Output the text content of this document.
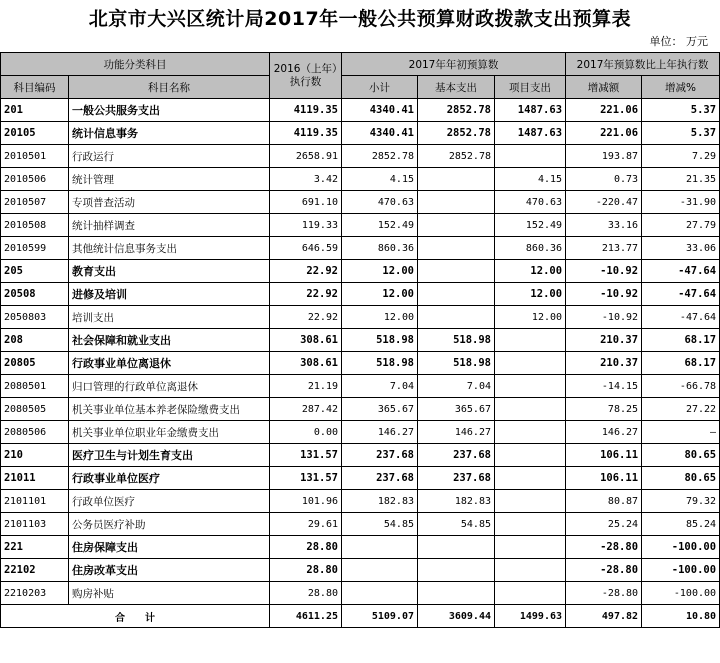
北京市大兴区统计局2017年一般公共预算财政拨款支出预算表
单位： 万元
功能分类科目		2016（上年）执行数	2017年年初预算数			2017年预算数比上年执行数	
科目编码	科目名称		小计	基本支出	项目支出	增减额	增减%
201	一般公共服务支出	4119.35	4340.41	2852.78	1487.63	221.06	5.37
20105	统计信息事务	4119.35	4340.41	2852.78	1487.63	221.06	5.37
2010501	行政运行	2658.91	2852.78	2852.78		193.87	7.29
2010506	统计管理	3.42	4.15		4.15	0.73	21.35
2010507	专项普查活动	691.10	470.63		470.63	-220.47	-31.90
2010508	统计抽样调查	119.33	152.49		152.49	33.16	27.79
2010599	其他统计信息事务支出	646.59	860.36		860.36	213.77	33.06
205	教育支出	22.92	12.00		12.00	-10.92	-47.64
20508	进修及培训	22.92	12.00		12.00	-10.92	-47.64
2050803	培训支出	22.92	12.00		12.00	-10.92	-47.64
208	社会保障和就业支出	308.61	518.98	518.98		210.37	68.17
20805	行政事业单位离退休	308.61	518.98	518.98		210.37	68.17
2080501	归口管理的行政单位离退休	21.19	7.04	7.04		-14.15	-66.78
2080505	机关事业单位基本养老保险缴费支出	287.42	365.67	365.67		78.25	27.22
2080506	机关事业单位职业年金缴费支出	0.00	146.27	146.27		146.27	—
210	医疗卫生与计划生育支出	131.57	237.68	237.68		106.11	80.65
21011	行政事业单位医疗	131.57	237.68	237.68		106.11	80.65
2101101	行政单位医疗	101.96	182.83	182.83		80.87	79.32
2101103	公务员医疗补助	29.61	54.85	54.85		25.24	85.24
221	住房保障支出	28.80				-28.80	-100.00
22102	住房改革支出	28.80				-28.80	-100.00
2210203	购房补贴	28.80				-28.80	-100.00
合　　计		4611.25	5109.07	3609.44	1499.63	497.82	10.80
